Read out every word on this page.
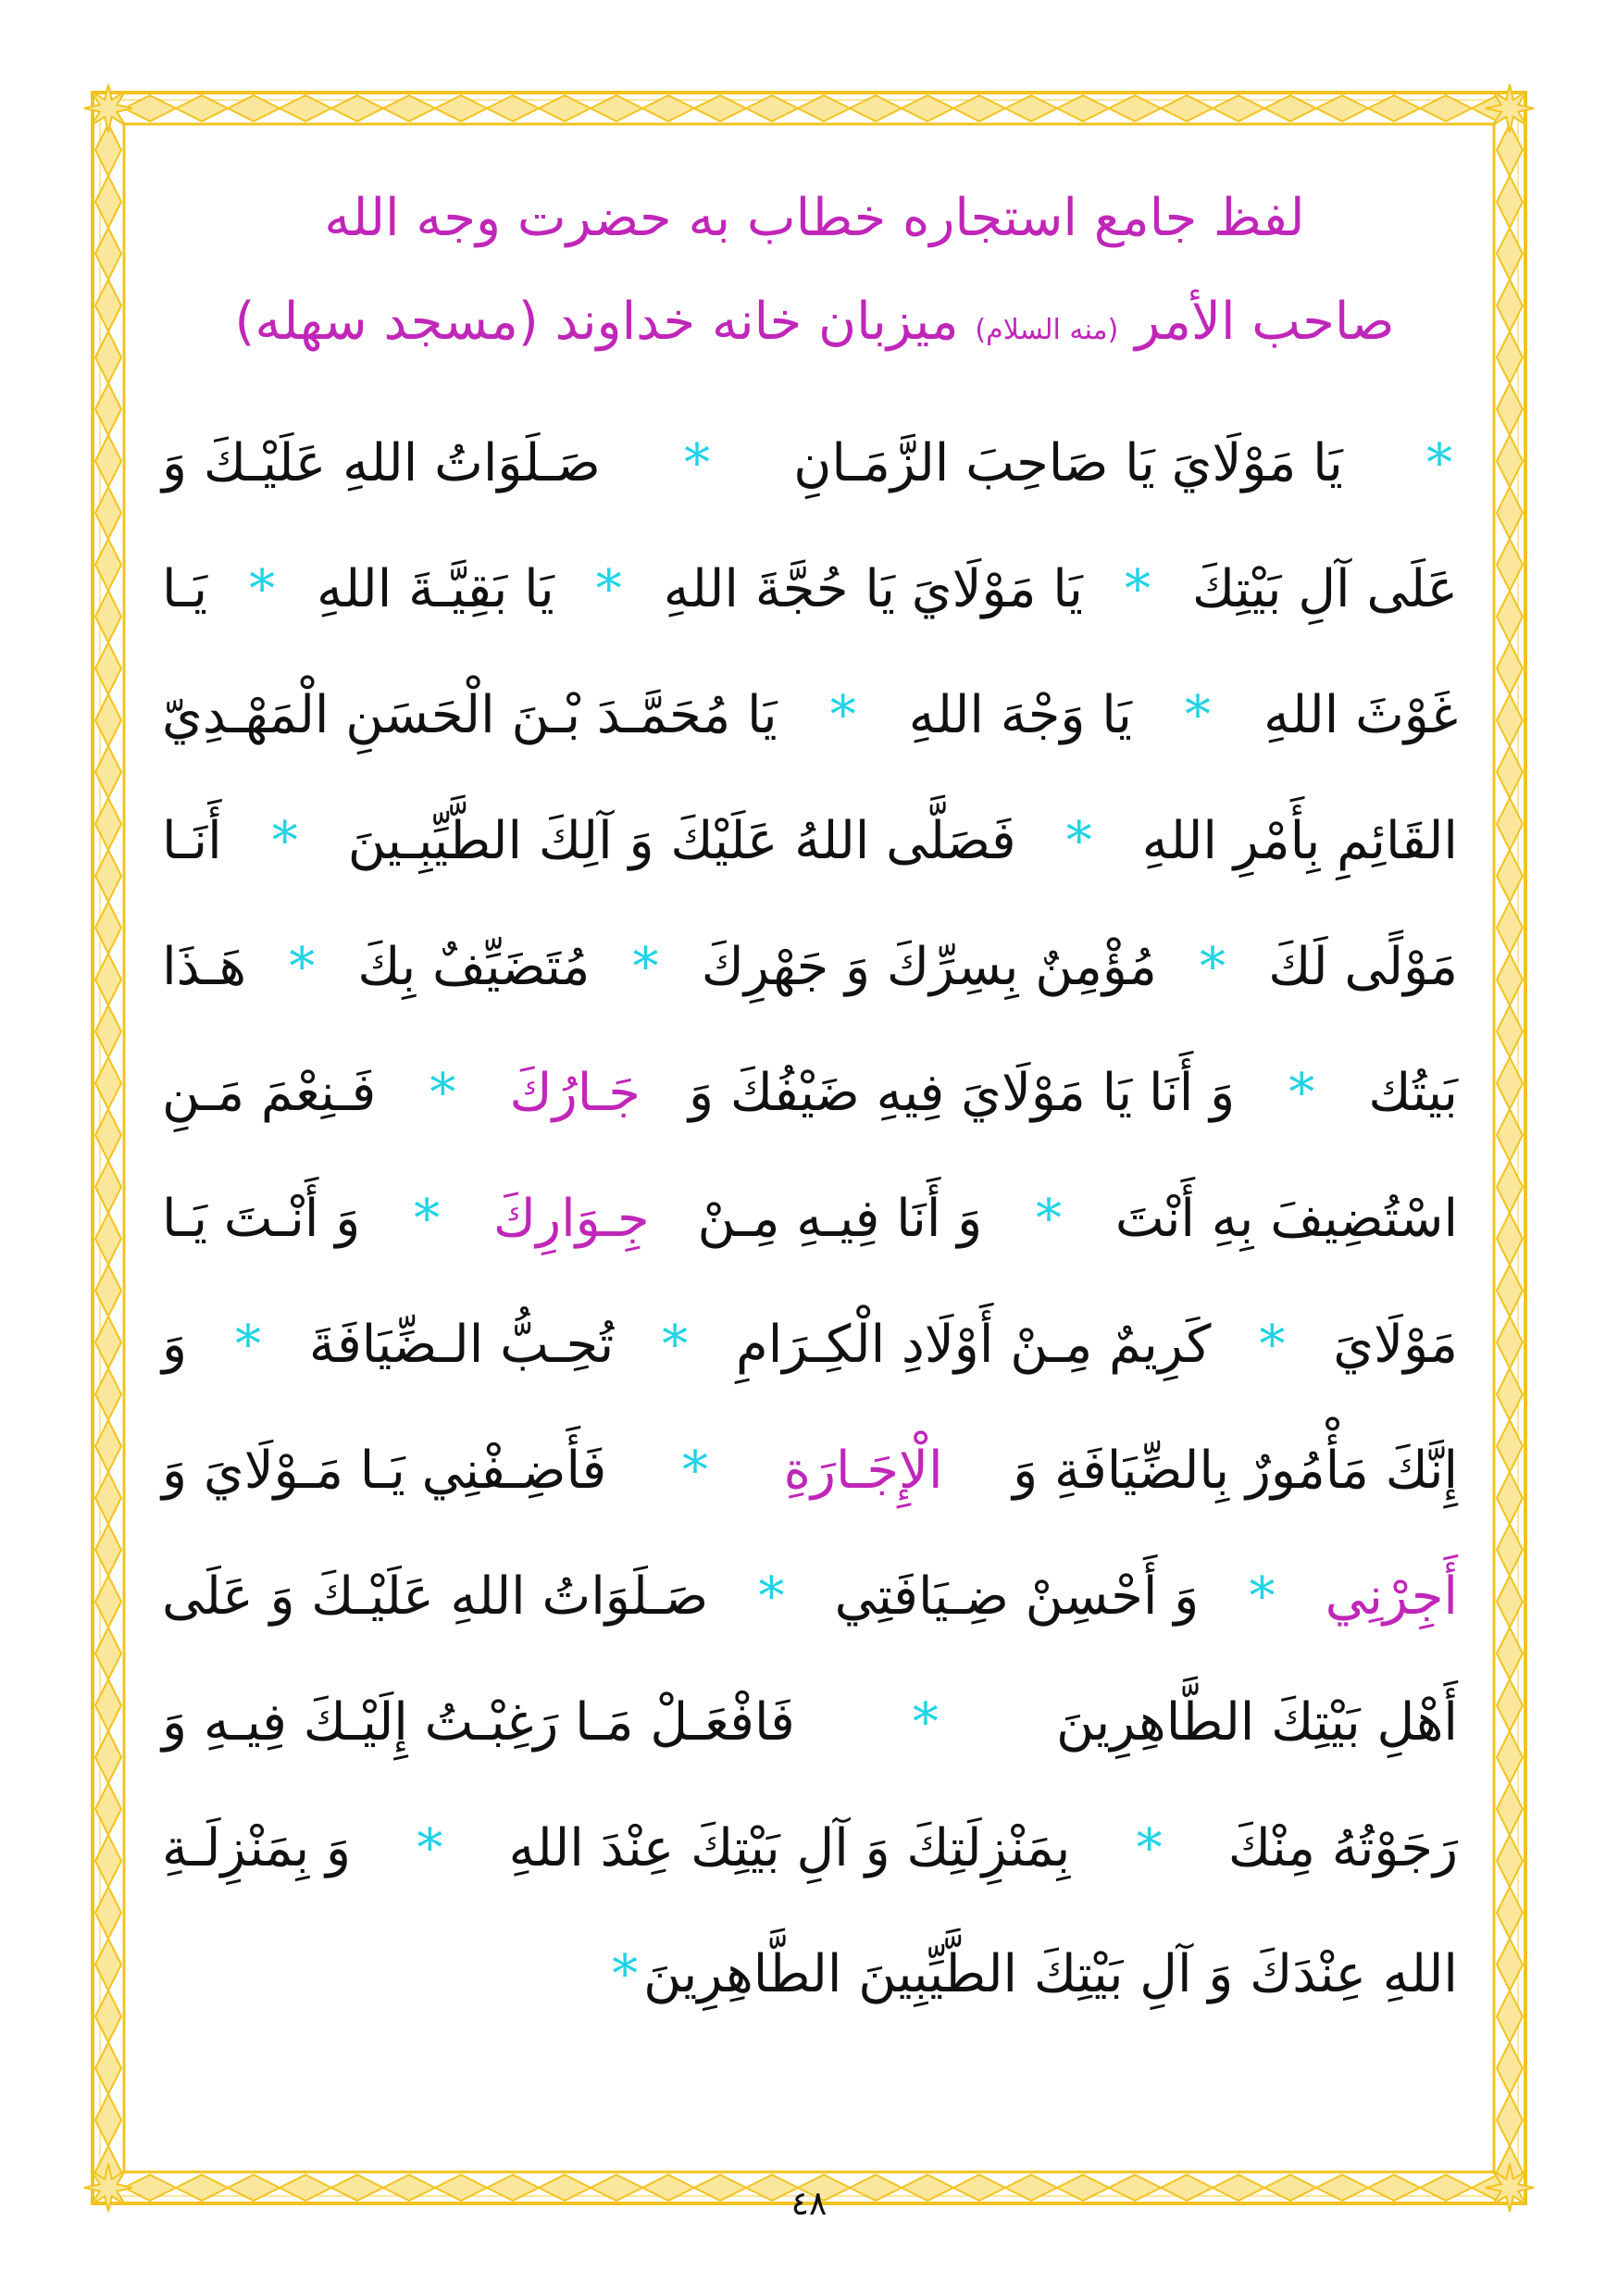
لفظ جامع استجاره خطاب به حضرت وجه الله
صاحب الأمر (منه السلام) میزبان خانه خداوند (مسجد سهله)
*
يَا مَوْلَايَ يَا صَاحِبَ الزَّمَـانِ
*
صَـلَوَاتُ اللهِ عَلَيْـكَ وَ
عَلَى آلِ بَيْتِكَ
*
يَا مَوْلَايَ يَا حُجَّةَ اللهِ
*
يَا بَقِيَّـةَ اللهِ
*
يَـا
غَوْثَ اللهِ
*
يَا وَجْهَ اللهِ
*
يَا مُحَمَّـدَ بْـنَ الْحَسَنِ الْمَهْـدِيّ
القَائِمِ بِأَمْرِ اللهِ
*
فَصَلَّى اللهُ عَلَيْكَ وَ آلِكَ الطَّيِّبِـينَ
*
أَنَـا
مَوْلًى لَكَ
*
مُؤْمِنٌ بِسِرِّكَ وَ جَهْرِكَ
*
مُتَضَيِّفٌ بِكَ
*
هَـذَا
بَيتُك
*
وَ أَنَا يَا مَوْلَايَ فِيهِ ضَيْفُكَ وَ
جَـارُكَ
*
فَـنِعْمَ مَـنِ
اسْتُضِيفَ بِهِ أَنْتَ
*
وَ أَنَا فِيـهِ مِـنْ
جِـوَارِكَ
*
وَ أَنْـتَ يَـا
مَوْلَايَ
*
كَرِيمٌ مِـنْ أَوْلَادِ الْكِـرَامِ
*
تُحِـبُّ الـضِّيَافَةَ
*
وَ
إِنَّكَ مَأْمُورٌ بِالضِّيَافَةِ وَ
الْإِجَـارَةِ
*
فَأَضِـفْنِي يَـا مَـوْلَايَ وَ
أَجِرْنِي
*
وَ أَحْسِنْ ضِـيَافَتِي
*
صَـلَوَاتُ اللهِ عَلَيْـكَ وَ عَلَى
أَهْلِ بَيْتِكَ الطَّاهِرِينَ
*
فَافْعَـلْ مَـا رَغِبْـتُ إِلَيْـكَ فِيـهِ وَ
رَجَوْتُهُ مِنْكَ
*
بِمَنْزِلَتِكَ وَ آلِ بَيْتِكَ عِنْدَ اللهِ
*
وَ بِمَنْزِلَـةِ
اللهِ عِنْدَكَ وَ آلِ بَيْتِكَ الطَّيِّبِينَ الطَّاهِرِينَ
*
٤٨
